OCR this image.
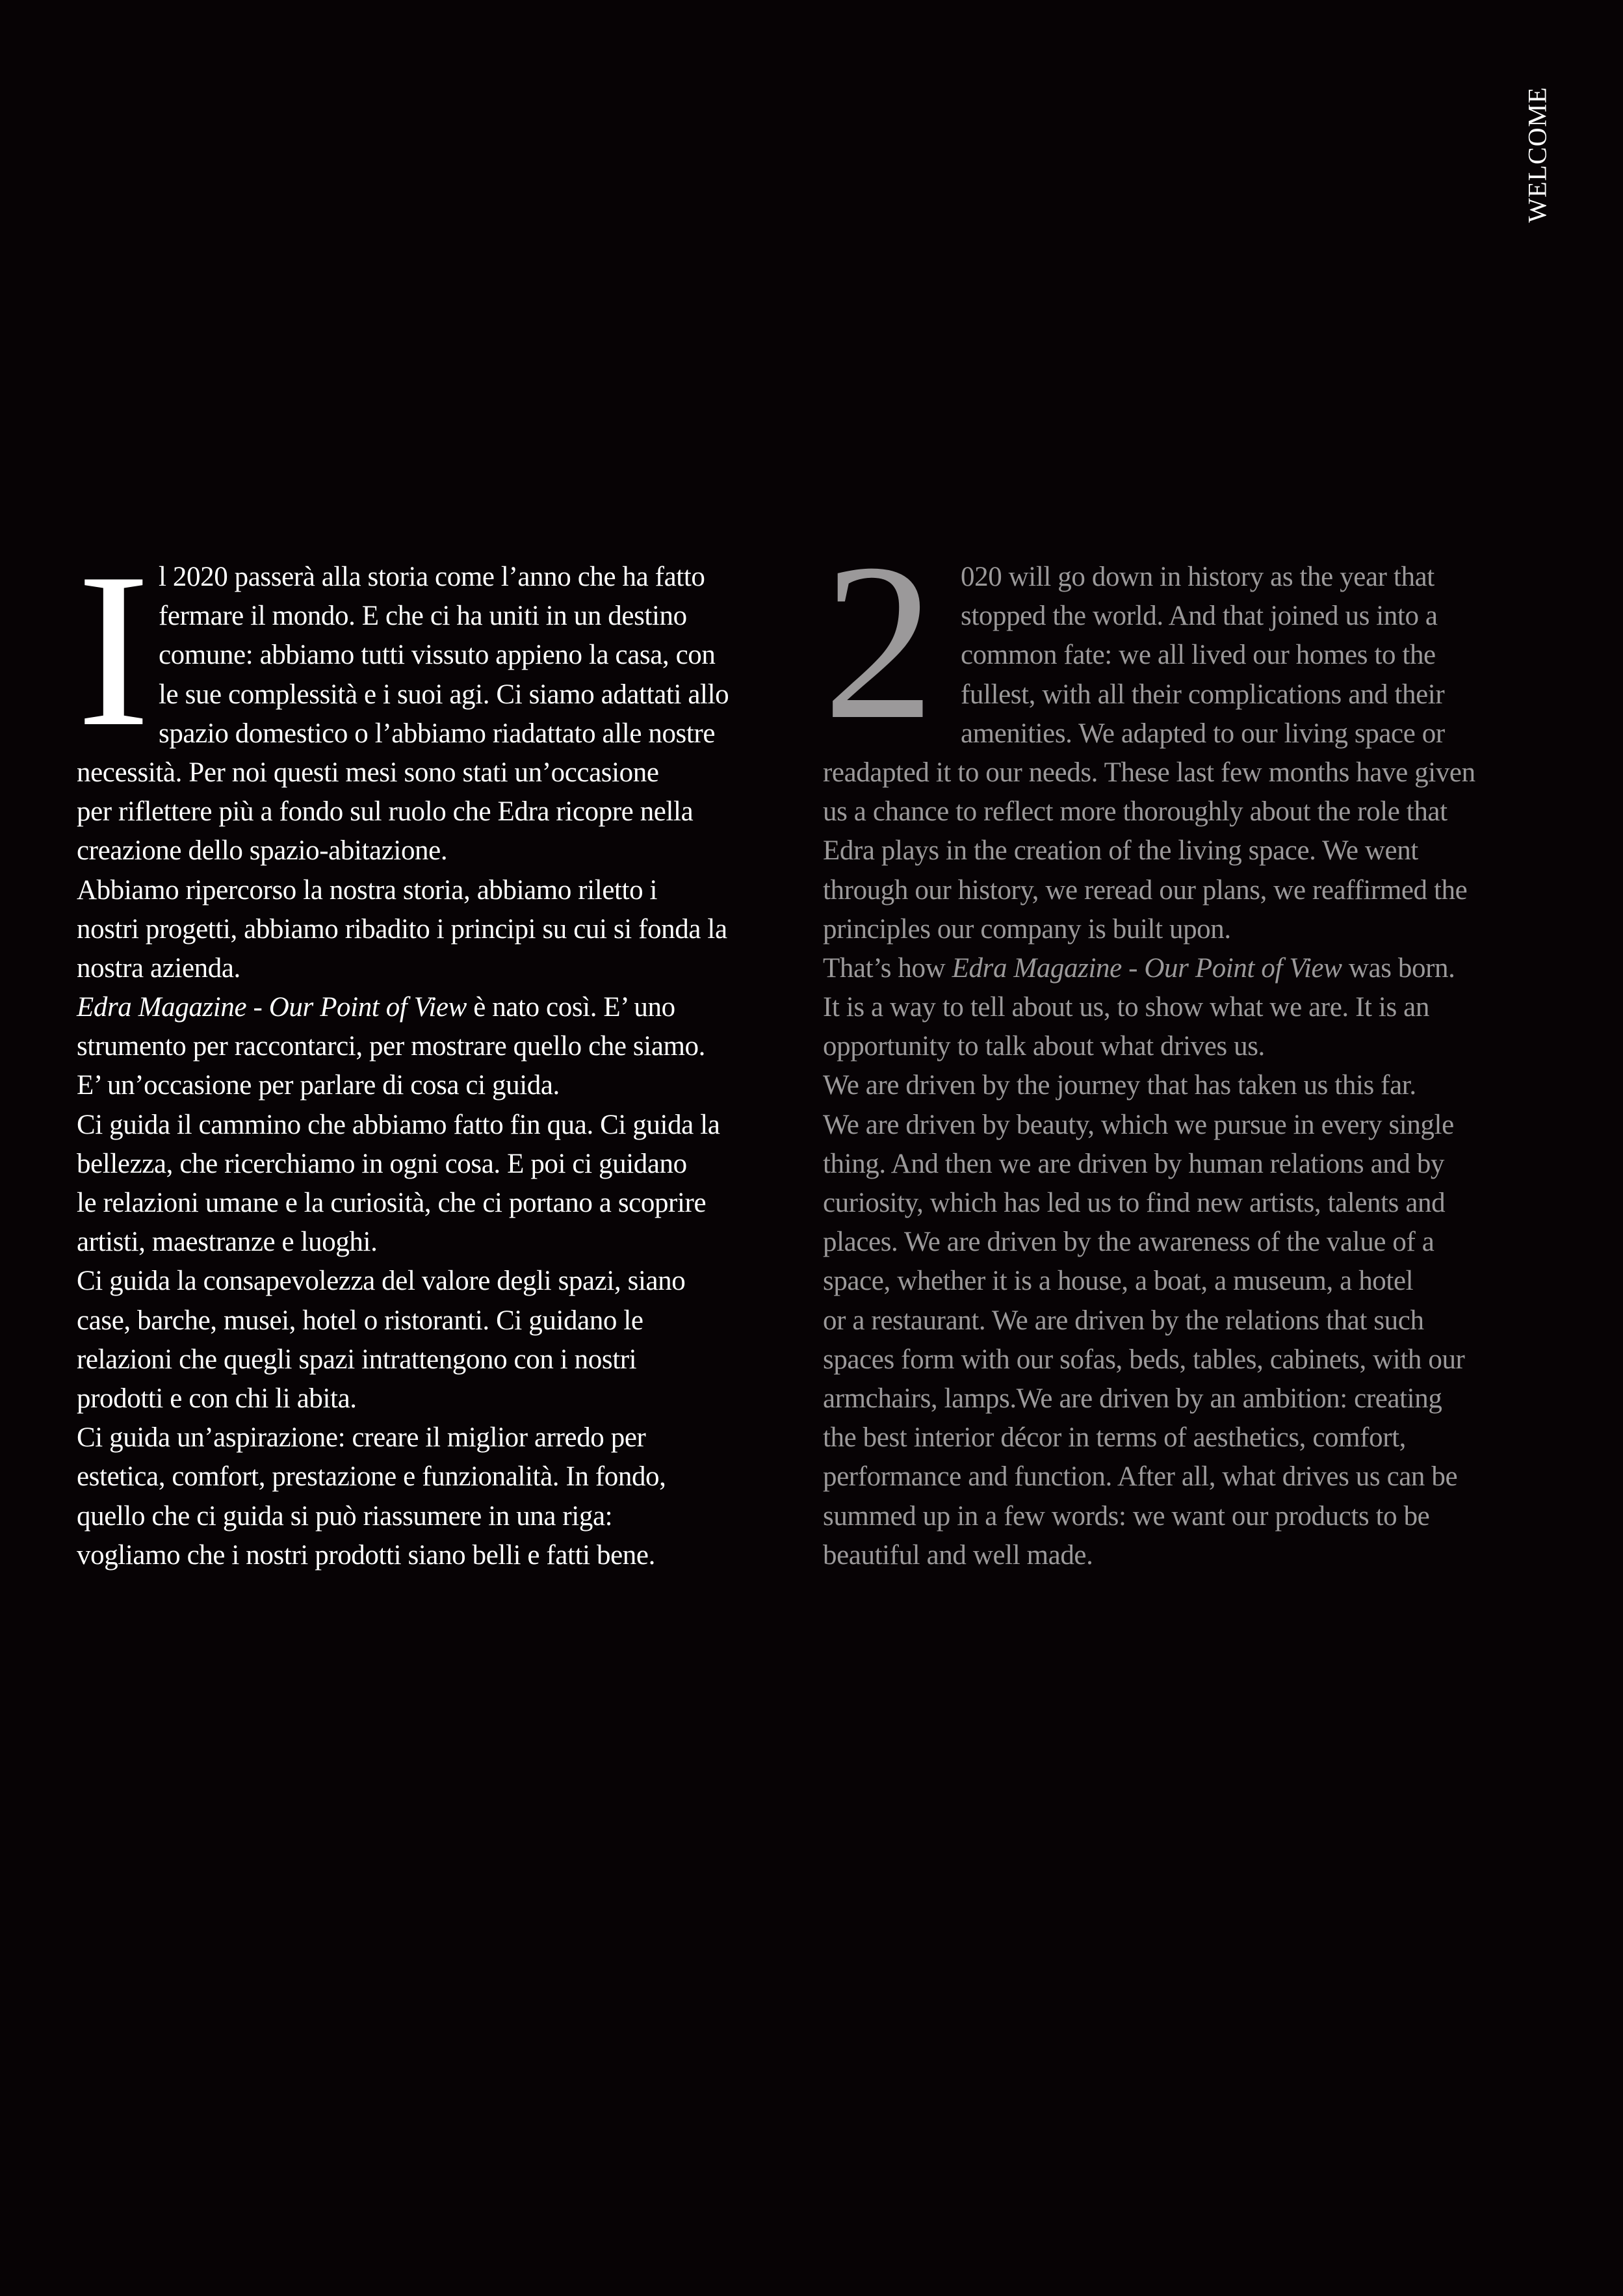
WELCOME
I l 2020 passerà alla storia come l’anno che ha fatto
fermare il mondo. E che ci ha uniti in un destino
comune: abbiamo tutti vissuto appieno la casa, con
le sue complessità e i suoi agi. Ci siamo adattati allo
spazio domestico o l’abbiamo riadattato alle nostre
necessità. Per noi questi mesi sono stati un’occasione
per riflettere più a fondo sul ruolo che Edra ricopre nella
creazione dello spazio-abitazione.
Abbiamo ripercorso la nostra storia, abbiamo riletto i
nostri progetti, abbiamo ribadito i principi su cui si fonda la
nostra azienda.
Edra Magazine - Our Point of View è nato così. E’ uno
strumento per raccontarci, per mostrare quello che siamo.
E’ un’occasione per parlare di cosa ci guida.
Ci guida il cammino che abbiamo fatto fin qua. Ci guida la
bellezza, che ricerchiamo in ogni cosa. E poi ci guidano
le relazioni umane e la curiosità, che ci portano a scoprire
artisti, maestranze e luoghi.
Ci guida la consapevolezza del valore degli spazi, siano
case, barche, musei, hotel o ristoranti. Ci guidano le
relazioni che quegli spazi intrattengono con i nostri
prodotti e con chi li abita.
Ci guida un’aspirazione: creare il miglior arredo per
estetica, comfort, prestazione e funzionalità. In fondo,
quello che ci guida si può riassumere in una riga:
vogliamo che i nostri prodotti siano belli e fatti bene.
2 020 will go down in history as the year that
stopped the world. And that joined us into a
common fate: we all lived our homes to the
fullest, with all their complications and their
amenities. We adapted to our living space or
readapted it to our needs. These last few months have given
us a chance to reflect more thoroughly about the role that
Edra plays in the creation of the living space. We went
through our history, we reread our plans, we reaffirmed the
principles our company is built upon.
That’s how Edra Magazine - Our Point of View was born.
It is a way to tell about us, to show what we are. It is an
opportunity to talk about what drives us.
We are driven by the journey that has taken us this far.
We are driven by beauty, which we pursue in every single
thing. And then we are driven by human relations and by
curiosity, which has led us to find new artists, talents and
places. We are driven by the awareness of the value of a
space, whether it is a house, a boat, a museum, a hotel
or a restaurant. We are driven by the relations that such
spaces form with our sofas, beds, tables, cabinets, with our
armchairs, lamps.We are driven by an ambition: creating
the best interior décor in terms of aesthetics, comfort,
performance and function. After all, what drives us can be
summed up in a few words: we want our products to be
beautiful and well made.
